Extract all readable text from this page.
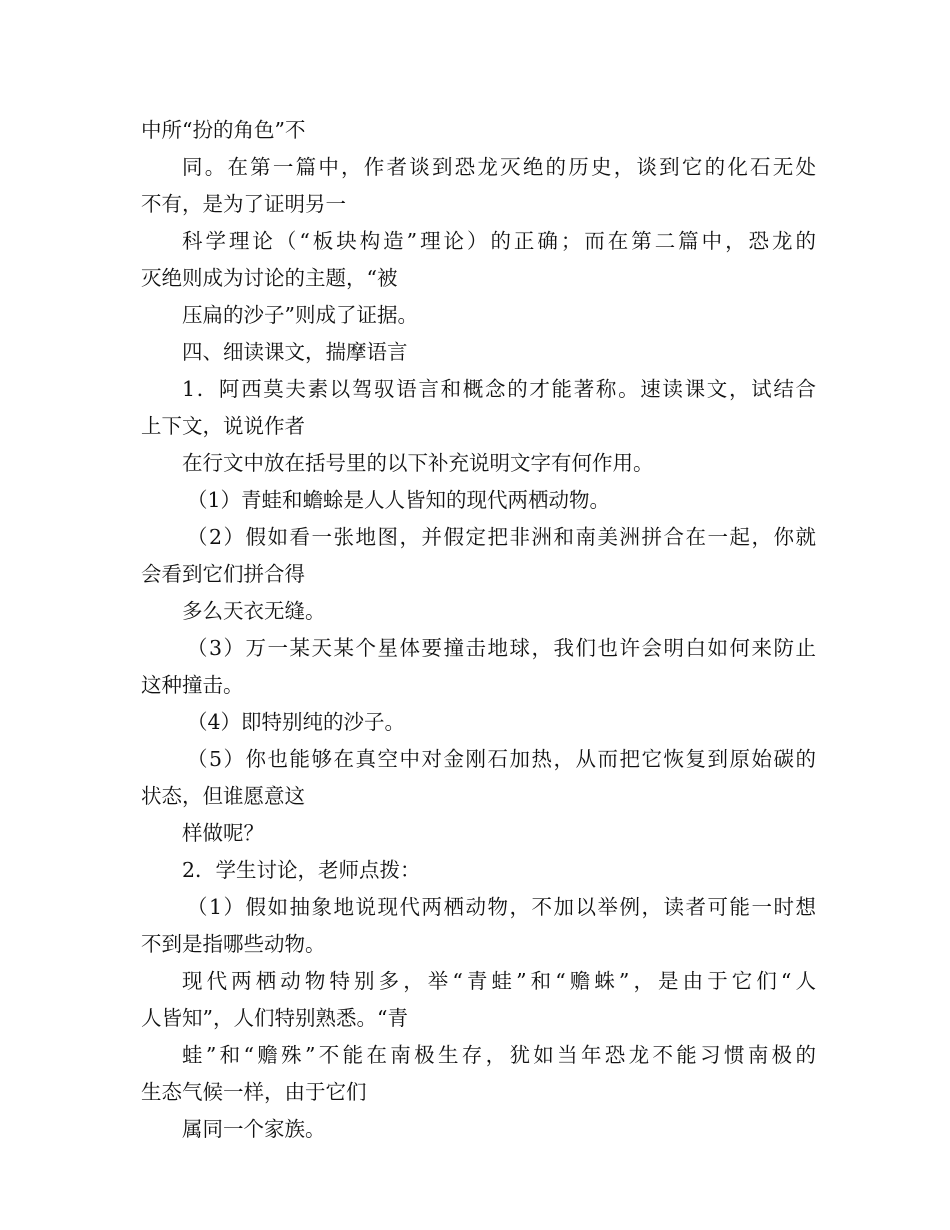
中所“扮的角色”不
同。在第一篇中，作者谈到恐龙灭绝的历史，谈到它的化石无处
不有，是为了证明另一
科学理论（“板块构造”理论）的正确；而在第二篇中，恐龙的
灭绝则成为讨论的主题，“被
压扁的沙子”则成了证据。
四、细读课文，揣摩语言
1．阿西莫夫素以驾驭语言和概念的才能著称。速读课文，试结合
上下文，说说作者
在行文中放在括号里的以下补充说明文字有何作用。
（1）青蛙和蟾蜍是人人皆知的现代两栖动物。
（2）假如看一张地图，并假定把非洲和南美洲拼合在一起，你就
会看到它们拼合得
多么天衣无缝。
（3）万一某天某个星体要撞击地球，我们也许会明白如何来防止
这种撞击。
（4）即特别纯的沙子。
（5）你也能够在真空中对金刚石加热，从而把它恢复到原始碳的
状态，但谁愿意这
样做呢？
2．学生讨论，老师点拨：
（1）假如抽象地说现代两栖动物，不加以举例，读者可能一时想
不到是指哪些动物。
现代两栖动物特别多，举“青蛙”和“赡蛛”，是由于它们“人
人皆知”，人们特别熟悉。“青
蛙”和“赡殊”不能在南极生存，犹如当年恐龙不能习惯南极的
生态气候一样，由于它们
属同一个家族。
